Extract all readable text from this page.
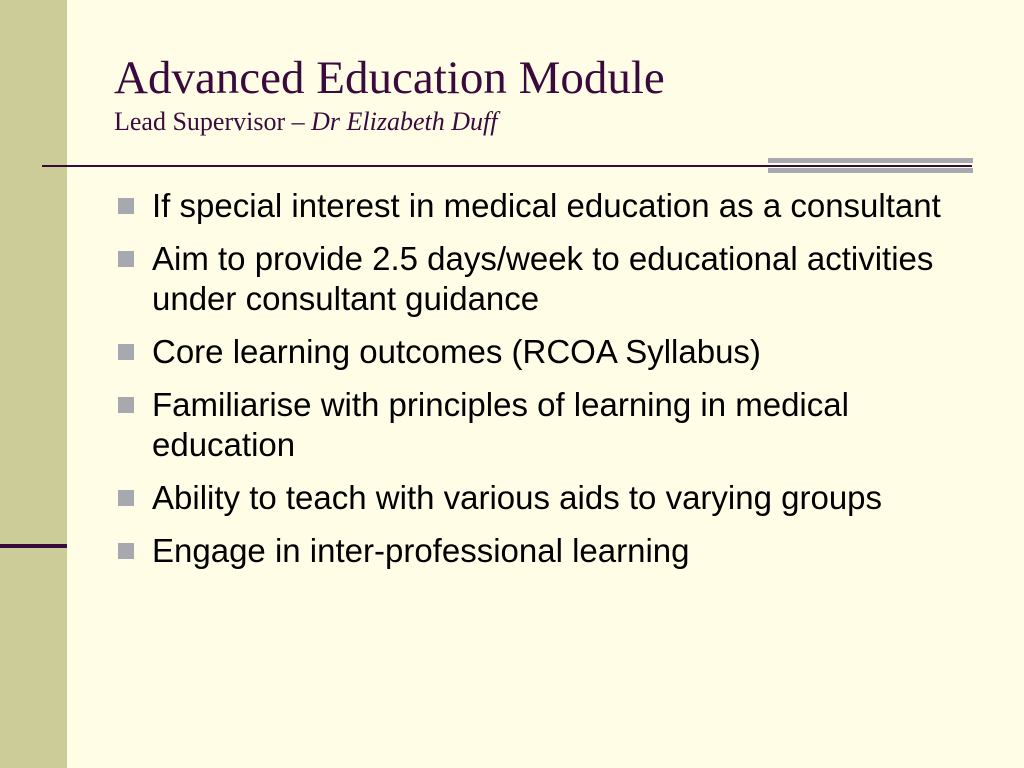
Advanced Education Module
Lead Supervisor – Dr Elizabeth Duff
If special interest in medical education as a consultant
Aim to provide 2.5 days/week to educational activities under consultant guidance
Core learning outcomes (RCOA Syllabus)
Familiarise with principles of learning in medical education
Ability to teach with various aids to varying groups
Engage in inter-professional learning
